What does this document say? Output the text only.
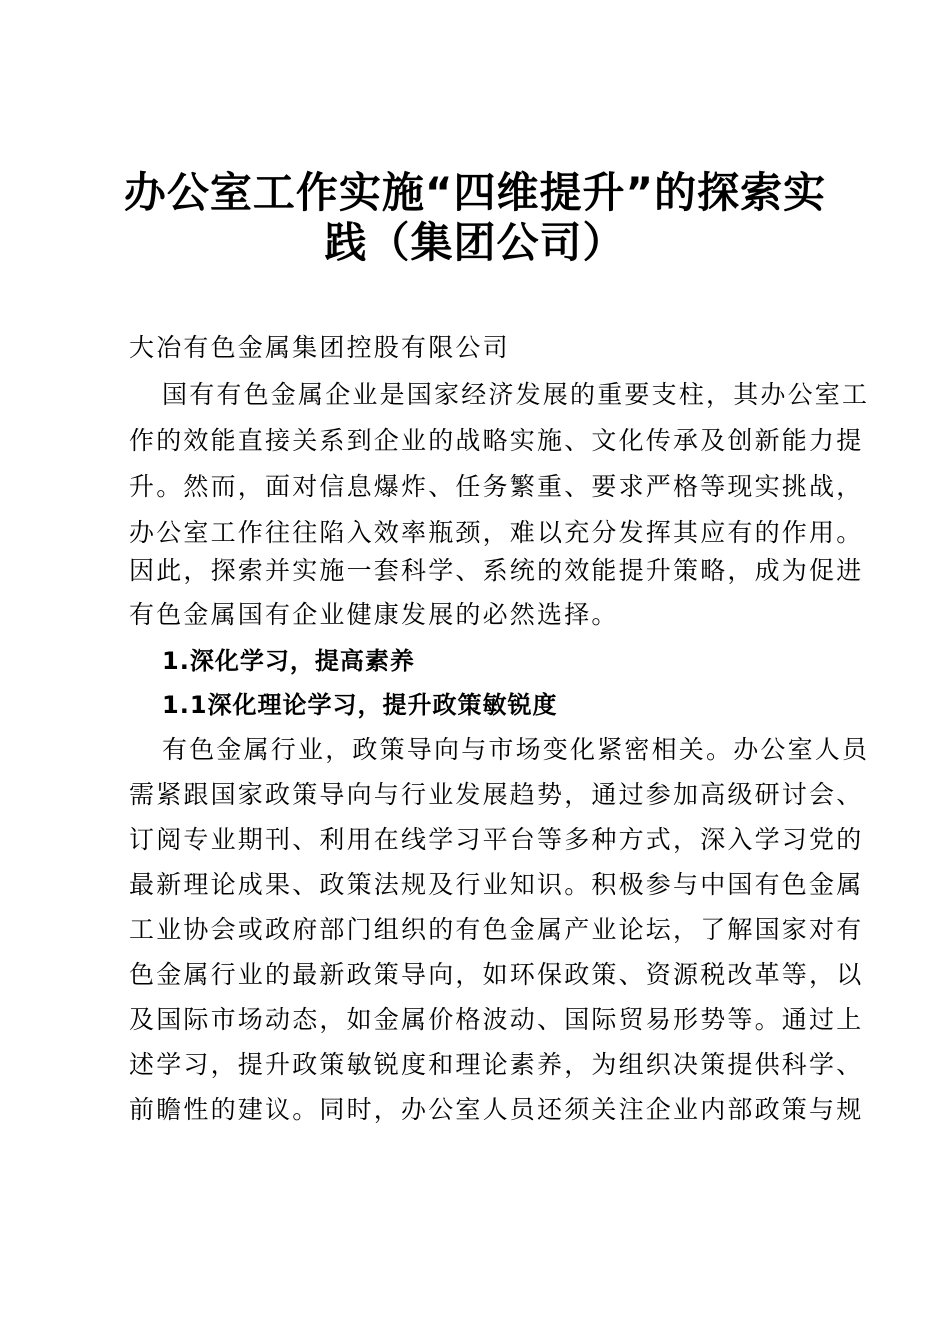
办公室工作实施“四维提升”的探索实
践（集团公司）
大冶有色金属集团控股有限公司
国有有色金属企业是国家经济发展的重要支柱，其办公室工
作的效能直接关系到企业的战略实施、文化传承及创新能力提
升。然而，面对信息爆炸、任务繁重、要求严格等现实挑战，
办公室工作往往陷入效率瓶颈，难以充分发挥其应有的作用。
因此，探索并实施一套科学、系统的效能提升策略，成为促进
有色金属国有企业健康发展的必然选择。
1.深化学习，提高素养
1.1深化理论学习，提升政策敏锐度
有色金属行业，政策导向与市场变化紧密相关。办公室人员
需紧跟国家政策导向与行业发展趋势，通过参加高级研讨会、
订阅专业期刊、利用在线学习平台等多种方式，深入学习党的
最新理论成果、政策法规及行业知识。积极参与中国有色金属
工业协会或政府部门组织的有色金属产业论坛，了解国家对有
色金属行业的最新政策导向，如环保政策、资源税改革等，以
及国际市场动态，如金属价格波动、国际贸易形势等。通过上
述学习，提升政策敏锐度和理论素养，为组织决策提供科学、
前瞻性的建议。同时，办公室人员还须关注企业内部政策与规
